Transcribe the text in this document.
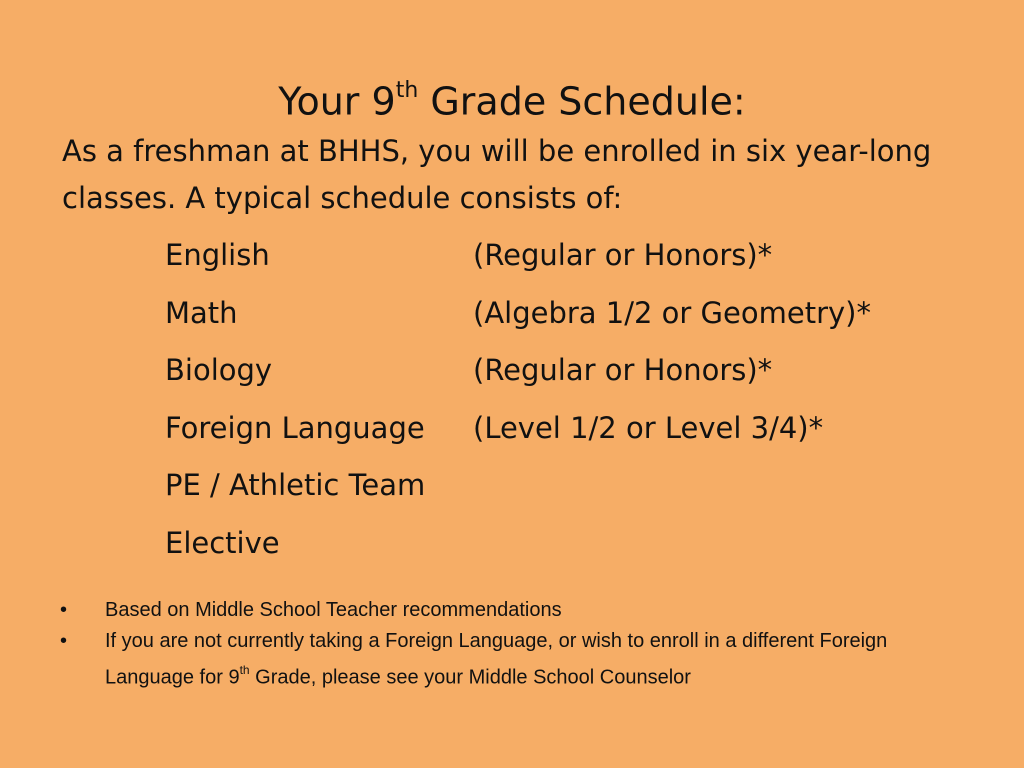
Your 9th Grade Schedule:
As a freshman at BHHS, you will be enrolled in six year-long classes. A typical schedule consists of:
English	(Regular or Honors)*
Math	(Algebra 1/2 or Geometry)*
Biology	(Regular or Honors)*
Foreign Language (Level 1/2 or Level 3/4)*
PE / Athletic Team
Elective
• Based on Middle School Teacher recommendations
• If you are not currently taking a Foreign Language, or wish to enroll in a different Foreign Language for 9th Grade, please see your Middle School Counselor
